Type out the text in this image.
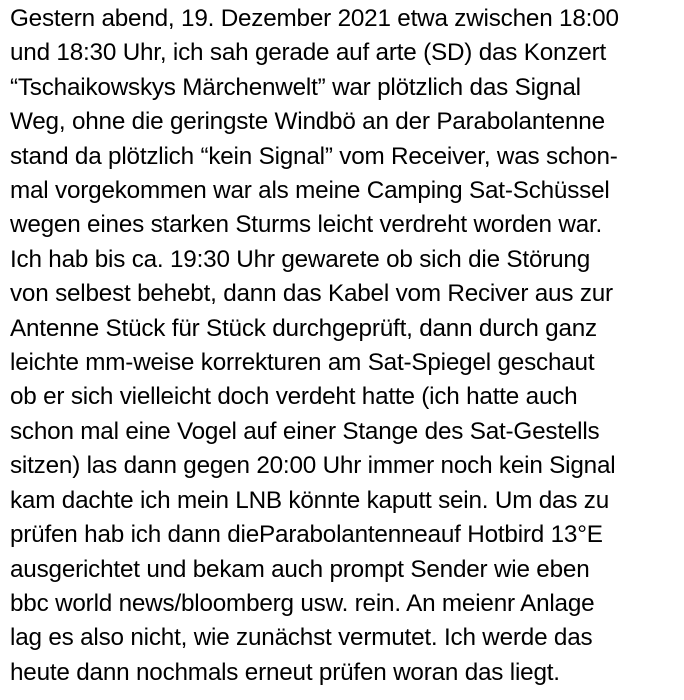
Gestern abend, 19. Dezember 2021 etwa zwischen 18:00
und 18:30 Uhr, ich sah gerade auf arte (SD) das Konzert
“Tschaikowskys Märchenwelt” war plötzlich das Signal
Weg, ohne die geringste Windbö an der Parabolantenne
stand da plötzlich “kein Signal” vom Receiver, was schon-
mal vorgekommen war als meine Camping Sat-Schüssel
wegen eines starken Sturms leicht verdreht worden war.
Ich hab bis ca. 19:30 Uhr gewarete ob sich die Störung
von selbest behebt, dann das Kabel vom Reciver aus zur
Antenne Stück für Stück durchgeprüft, dann durch ganz
leichte mm-weise korrekturen am Sat-Spiegel geschaut
ob er sich vielleicht doch verdeht hatte (ich hatte auch
schon mal eine Vogel auf einer Stange des Sat-Gestells
sitzen) las dann gegen 20:00 Uhr immer noch kein Signal
kam dachte ich mein LNB könnte kaputt sein. Um das zu
prüfen hab ich dann dieParabolantenneauf Hotbird 13°E
ausgerichtet und bekam auch prompt Sender wie eben
bbc world news/bloomberg usw. rein. An meienr Anlage
lag es also nicht, wie zunächst vermutet. Ich werde das
heute dann nochmals erneut prüfen woran das liegt.
